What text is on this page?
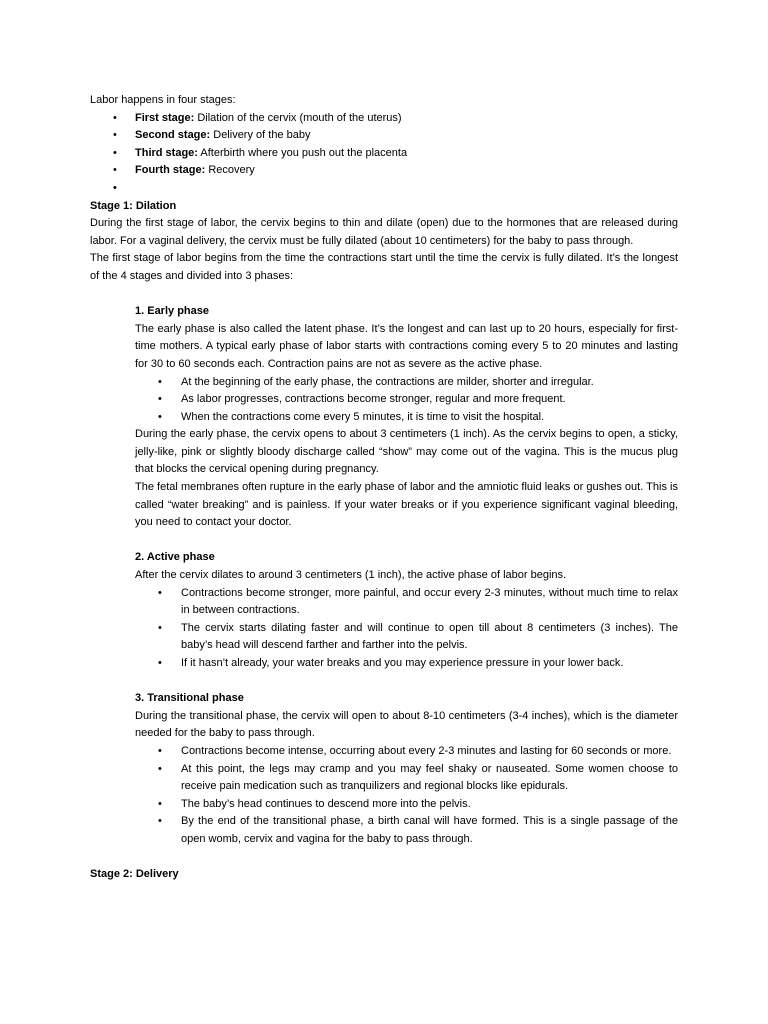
Labor happens in four stages:

• First stage: Dilation of the cervix (mouth of the uterus)
• Second stage: Delivery of the baby
• Third stage: Afterbirth where you push out the placenta
• Fourth stage: Recovery
•

Stage 1: Dilation

During the first stage of labor, the cervix begins to thin and dilate (open) due to the hormones that are released during labor. For a vaginal delivery, the cervix must be fully dilated (about 10 centimeters) for the baby to pass through.

The first stage of labor begins from the time the contractions start until the time the cervix is fully dilated. It’s the longest of the 4 stages and divided into 3 phases:

1. Early phase

The early phase is also called the latent phase. It’s the longest and can last up to 20 hours, especially for first-time mothers. A typical early phase of labor starts with contractions coming every 5 to 20 minutes and lasting for 30 to 60 seconds each. Contraction pains are not as severe as the active phase.

• At the beginning of the early phase, the contractions are milder, shorter and irregular.
• As labor progresses, contractions become stronger, regular and more frequent.
• When the contractions come every 5 minutes, it is time to visit the hospital.

During the early phase, the cervix opens to about 3 centimeters (1 inch). As the cervix begins to open, a sticky, jelly-like, pink or slightly bloody discharge called “show” may come out of the vagina. This is the mucus plug that blocks the cervical opening during pregnancy.

The fetal membranes often rupture in the early phase of labor and the amniotic fluid leaks or gushes out. This is called “water breaking” and is painless. If your water breaks or if you experience significant vaginal bleeding, you need to contact your doctor.

2. Active phase

After the cervix dilates to around 3 centimeters (1 inch), the active phase of labor begins.

• Contractions become stronger, more painful, and occur every 2-3 minutes, without much time to relax in between contractions.
• The cervix starts dilating faster and will continue to open till about 8 centimeters (3 inches). The baby’s head will descend farther and farther into the pelvis.
• If it hasn’t already, your water breaks and you may experience pressure in your lower back.

3. Transitional phase

During the transitional phase, the cervix will open to about 8-10 centimeters (3-4 inches), which is the diameter needed for the baby to pass through.

• Contractions become intense, occurring about every 2-3 minutes and lasting for 60 seconds or more.
• At this point, the legs may cramp and you may feel shaky or nauseated. Some women choose to receive pain medication such as tranquilizers and regional blocks like epidurals.
• The baby’s head continues to descend more into the pelvis.
• By the end of the transitional phase, a birth canal will have formed. This is a single passage of the open womb, cervix and vagina for the baby to pass through.

Stage 2: Delivery
